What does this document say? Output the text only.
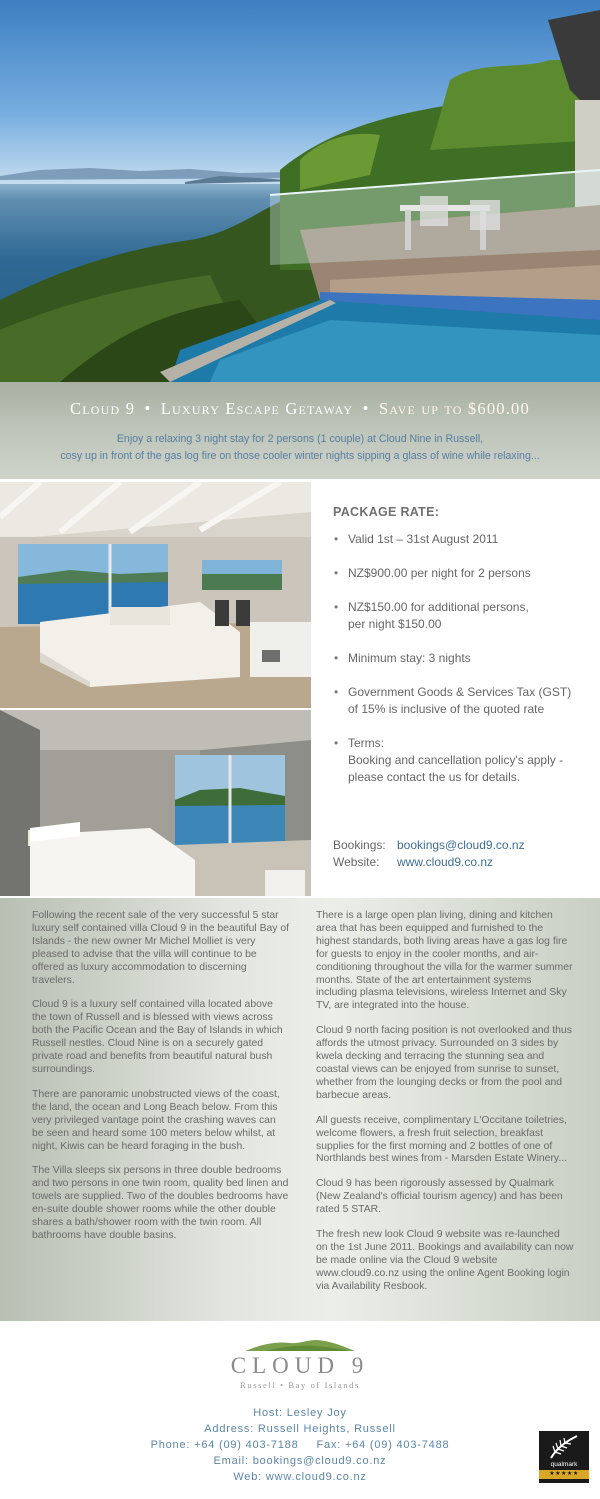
Cloud 9 • Luxury Escape Getaway • Save up to $600.00
Enjoy a relaxing 3 night stay for 2 persons (1 couple) at Cloud Nine in Russell,
cosy up in front of the gas log fire on those cooler winter nights sipping a glass of wine while relaxing...
PACKAGE RATE:
• Valid 1st – 31st August 2011
• NZ$900.00 per night for 2 persons
• NZ$150.00 for additional persons,
per night $150.00
• Minimum stay: 3 nights
• Government Goods & Services Tax (GST)
of 15% is inclusive of the quoted rate
• Terms:
Booking and cancellation policy's apply -
please contact the us for details.
Bookings: bookings@cloud9.co.nz
Website:	www.cloud9.co.nz

Following the recent sale of the very successful 5 star luxury self contained villa Cloud 9 in the beautiful Bay of Islands - the new owner Mr Michel Molliet is very pleased to advise that the villa will continue to be offered as luxury accommodation to discerning travelers.

Cloud 9 is a luxury self contained villa located above the town of Russell and is blessed with views across both the Pacific Ocean and the Bay of Islands in which Russell nestles. Cloud Nine is on a securely gated private road and benefits from beautiful natural bush surroundings.

There are panoramic unobstructed views of the coast, the land, the ocean and Long Beach below. From this very privileged vantage point the crashing waves can be seen and heard some 100 meters below whilst, at night, Kiwis can be heard foraging in the bush.

The Villa sleeps six persons in three double bedrooms and two persons in one twin room, quality bed linen and towels are supplied. Two of the doubles bedrooms have en-suite double shower rooms while the other double shares a bath/shower room with the twin room. All bathrooms have double basins.

There is a large open plan living, dining and kitchen area that has been equipped and furnished to the highest standards, both living areas have a gas log fire for guests to enjoy in the cooler months, and air-conditioning throughout the villa for the warmer summer months. State of the art entertainment systems including plasma televisions, wireless Internet and Sky TV, are integrated into the house.

Cloud 9 north facing position is not overlooked and thus affords the utmost privacy. Surrounded on 3 sides by kwela decking and terracing the stunning sea and coastal views can be enjoyed from sunrise to sunset, whether from the lounging decks or from the pool and barbecue areas.

All guests receive, complimentary L'Occitane toiletries, welcome flowers, a fresh fruit selection, breakfast supplies for the first morning and 2 bottles of one of Northlands best wines from - Marsden Estate Winery...

Cloud 9 has been rigorously assessed by Qualmark (New Zealand's official tourism agency) and has been rated 5 STAR.

The fresh new look Cloud 9 website was re-launched on the 1st June 2011. Bookings and availability can now be made online via the Cloud 9 website www.cloud9.co.nz using the online Agent Booking login via Availability Resbook.

CLOUD 9
Russell • Bay of Islands
Host: Lesley Joy
Address: Russell Heights, Russell
Phone: +64 (09) 403-7188 Fax: +64 (09) 403-7488
Email: bookings@cloud9.co.nz
Web: www.cloud9.co.nz
qualmark
★★★★★
